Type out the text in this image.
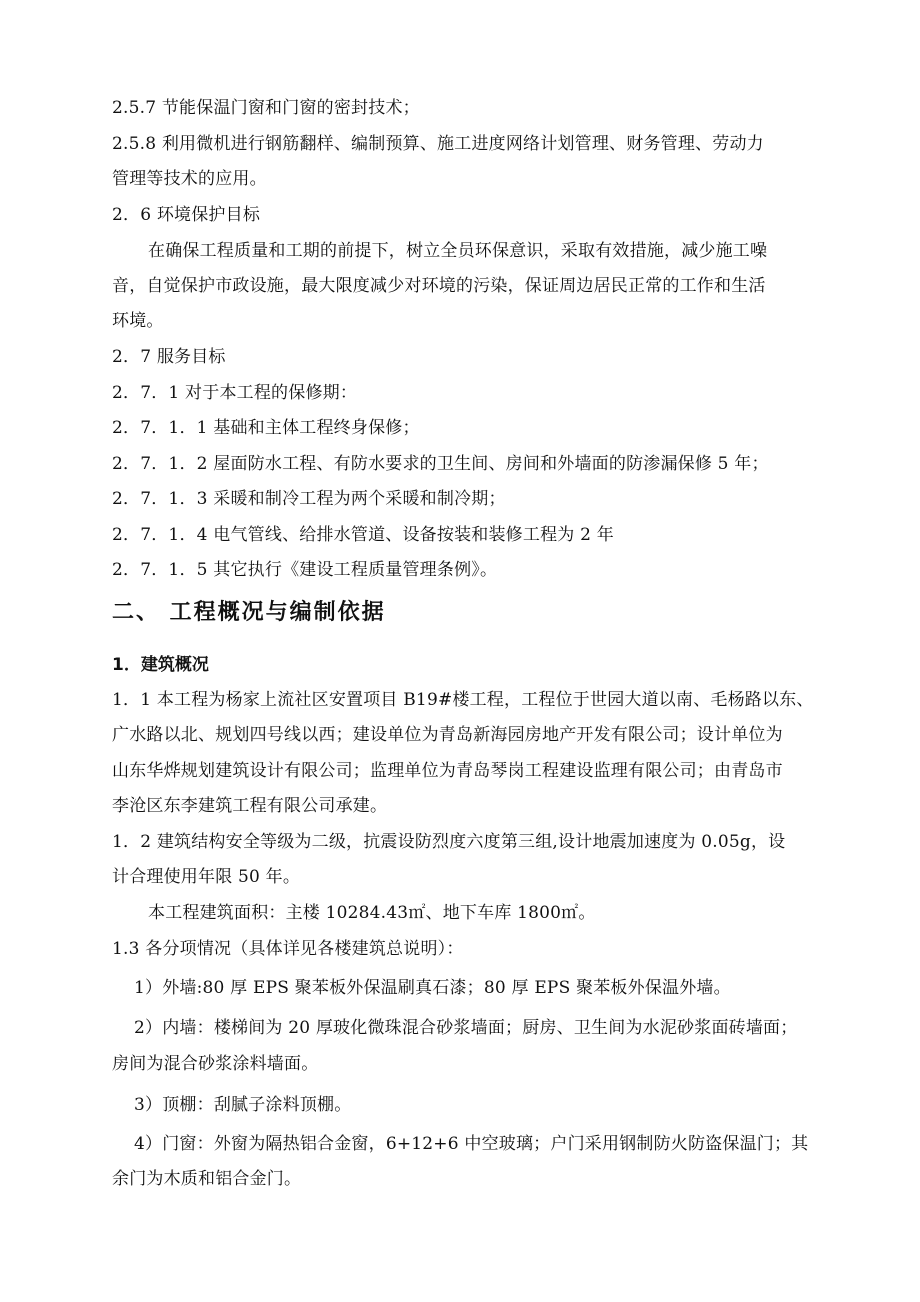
2.5.7 节能保温门窗和门窗的密封技术；
2.5.8 利用微机进行钢筋翻样、编制预算、施工进度网络计划管理、财务管理、劳动力
管理等技术的应用。
2．6 环境保护目标
在确保工程质量和工期的前提下，树立全员环保意识，采取有效措施，减少施工噪
音，自觉保护市政设施，最大限度减少对环境的污染，保证周边居民正常的工作和生活
环境。
2．7 服务目标
2．7．1 对于本工程的保修期：
2．7．1．1 基础和主体工程终身保修；
2．7．1．2 屋面防水工程、有防水要求的卫生间、房间和外墙面的防渗漏保修 5 年；
2．7．1．3 采暖和制冷工程为两个采暖和制冷期；
2．7．1．4 电气管线、给排水管道、设备按装和装修工程为 2 年
2．7．1．5 其它执行《建设工程质量管理条例》。
二、 工程概况与编制依据
1．建筑概况
1．1 本工程为杨家上流社区安置项目 B19#楼工程，工程位于世园大道以南、毛杨路以东、
广水路以北、规划四号线以西；建设单位为青岛新海园房地产开发有限公司；设计单位为
山东华烨规划建筑设计有限公司；监理单位为青岛琴岗工程建设监理有限公司；由青岛市
李沧区东李建筑工程有限公司承建。
1．2 建筑结构安全等级为二级，抗震设防烈度六度第三组,设计地震加速度为 0.05g，设
计合理使用年限 50 年。
本工程建筑面积：主楼 10284.43㎡、地下车库 1800㎡。
1.3 各分项情况（具体详见各楼建筑总说明）：
1）外墙:80 厚 EPS 聚苯板外保温刷真石漆；80 厚 EPS 聚苯板外保温外墙。
2）内墙：楼梯间为 20 厚玻化微珠混合砂浆墙面；厨房、卫生间为水泥砂浆面砖墙面；
房间为混合砂浆涂料墙面。
3）顶棚：刮腻子涂料顶棚。
4）门窗：外窗为隔热铝合金窗，6+12+6 中空玻璃；户门采用钢制防火防盗保温门；其
余门为木质和铝合金门。
